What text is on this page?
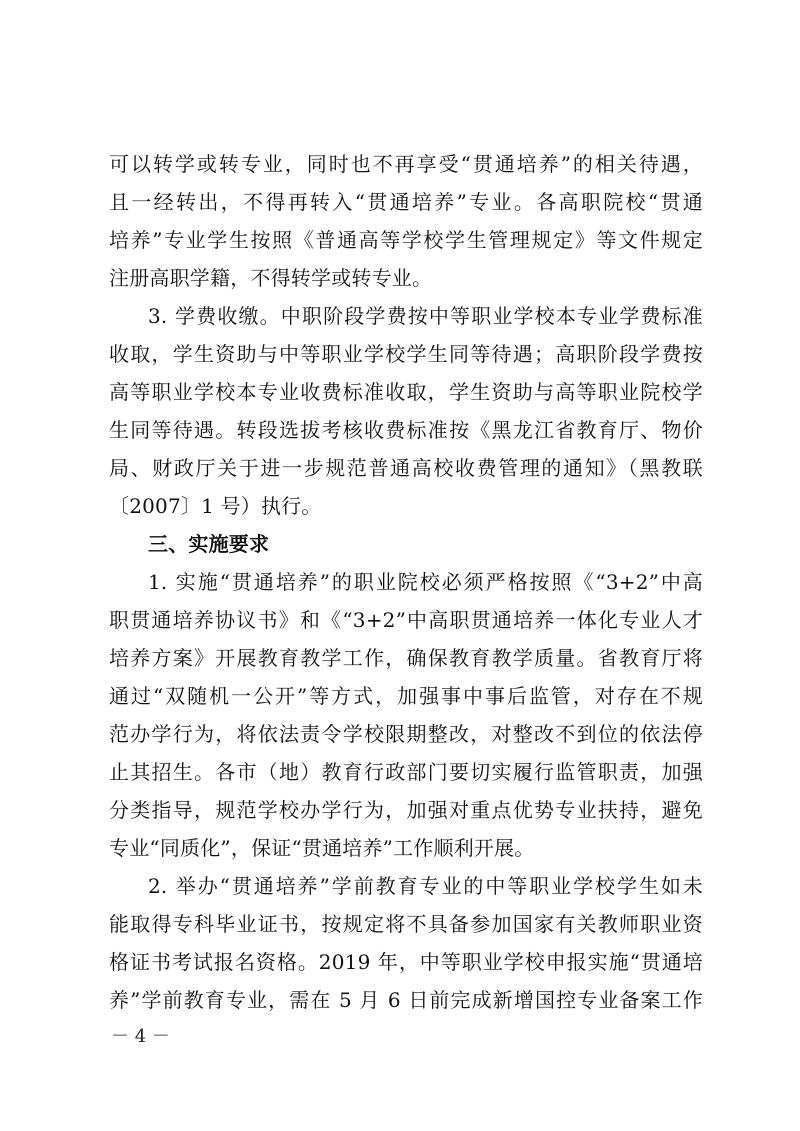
可以转学或转专业，同时也不再享受“贯通培养”的相关待遇，
且一经转出，不得再转入“贯通培养”专业。各高职院校“贯通
培养”专业学生按照《普通高等学校学生管理规定》等文件规定
注册高职学籍，不得转学或转专业。
3. 学费收缴。中职阶段学费按中等职业学校本专业学费标准
收取，学生资助与中等职业学校学生同等待遇；高职阶段学费按
高等职业学校本专业收费标准收取，学生资助与高等职业院校学
生同等待遇。转段选拔考核收费标准按《黑龙江省教育厅、物价
局、财政厅关于进一步规范普通高校收费管理的通知》（黑教联
〔2007〕1 号）执行。
三、实施要求
1. 实施“贯通培养”的职业院校必须严格按照《“3+2”中高
职贯通培养协议书》和《“3+2”中高职贯通培养一体化专业人才
培养方案》开展教育教学工作，确保教育教学质量。省教育厅将
通过“双随机一公开”等方式，加强事中事后监管，对存在不规
范办学行为，将依法责令学校限期整改，对整改不到位的依法停
止其招生。各市（地）教育行政部门要切实履行监管职责，加强
分类指导，规范学校办学行为，加强对重点优势专业扶持，避免
专业“同质化”，保证“贯通培养”工作顺利开展。
2. 举办“贯通培养”学前教育专业的中等职业学校学生如未
能取得专科毕业证书，按规定将不具备参加国家有关教师职业资
格证书考试报名资格。2019 年，中等职业学校申报实施“贯通培
养”学前教育专业，需在 5 月 6 日前完成新增国控专业备案工作
－ 4 －
